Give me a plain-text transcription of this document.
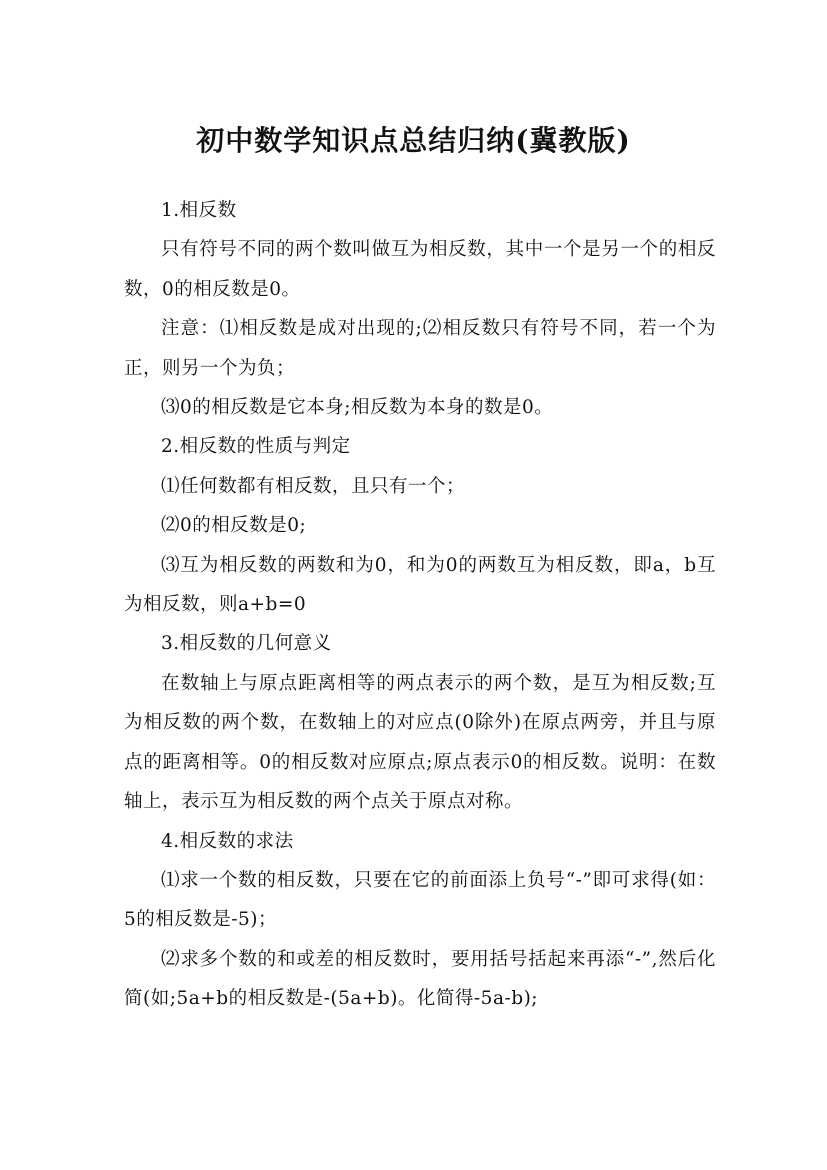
初中数学知识点总结归纳(冀教版)

1.相反数

只有符号不同的两个数叫做互为相反数，其中一个是另一个的相反数，0的相反数是0。

注意：⑴相反数是成对出现的;⑵相反数只有符号不同，若一个为正，则另一个为负；

⑶0的相反数是它本身;相反数为本身的数是0。

2.相反数的性质与判定

⑴任何数都有相反数，且只有一个；

⑵0的相反数是0;

⑶互为相反数的两数和为0，和为0的两数互为相反数，即a，b互为相反数，则a+b=0

3.相反数的几何意义

在数轴上与原点距离相等的两点表示的两个数，是互为相反数;互为相反数的两个数，在数轴上的对应点(0除外)在原点两旁，并且与原点的距离相等。0的相反数对应原点;原点表示0的相反数。说明：在数轴上，表示互为相反数的两个点关于原点对称。

4.相反数的求法

⑴求一个数的相反数，只要在它的前面添上负号“-”即可求得(如：5的相反数是-5)；

⑵求多个数的和或差的相反数时，要用括号括起来再添“-”,然后化简(如;5a+b的相反数是-(5a+b)。化简得-5a-b);
